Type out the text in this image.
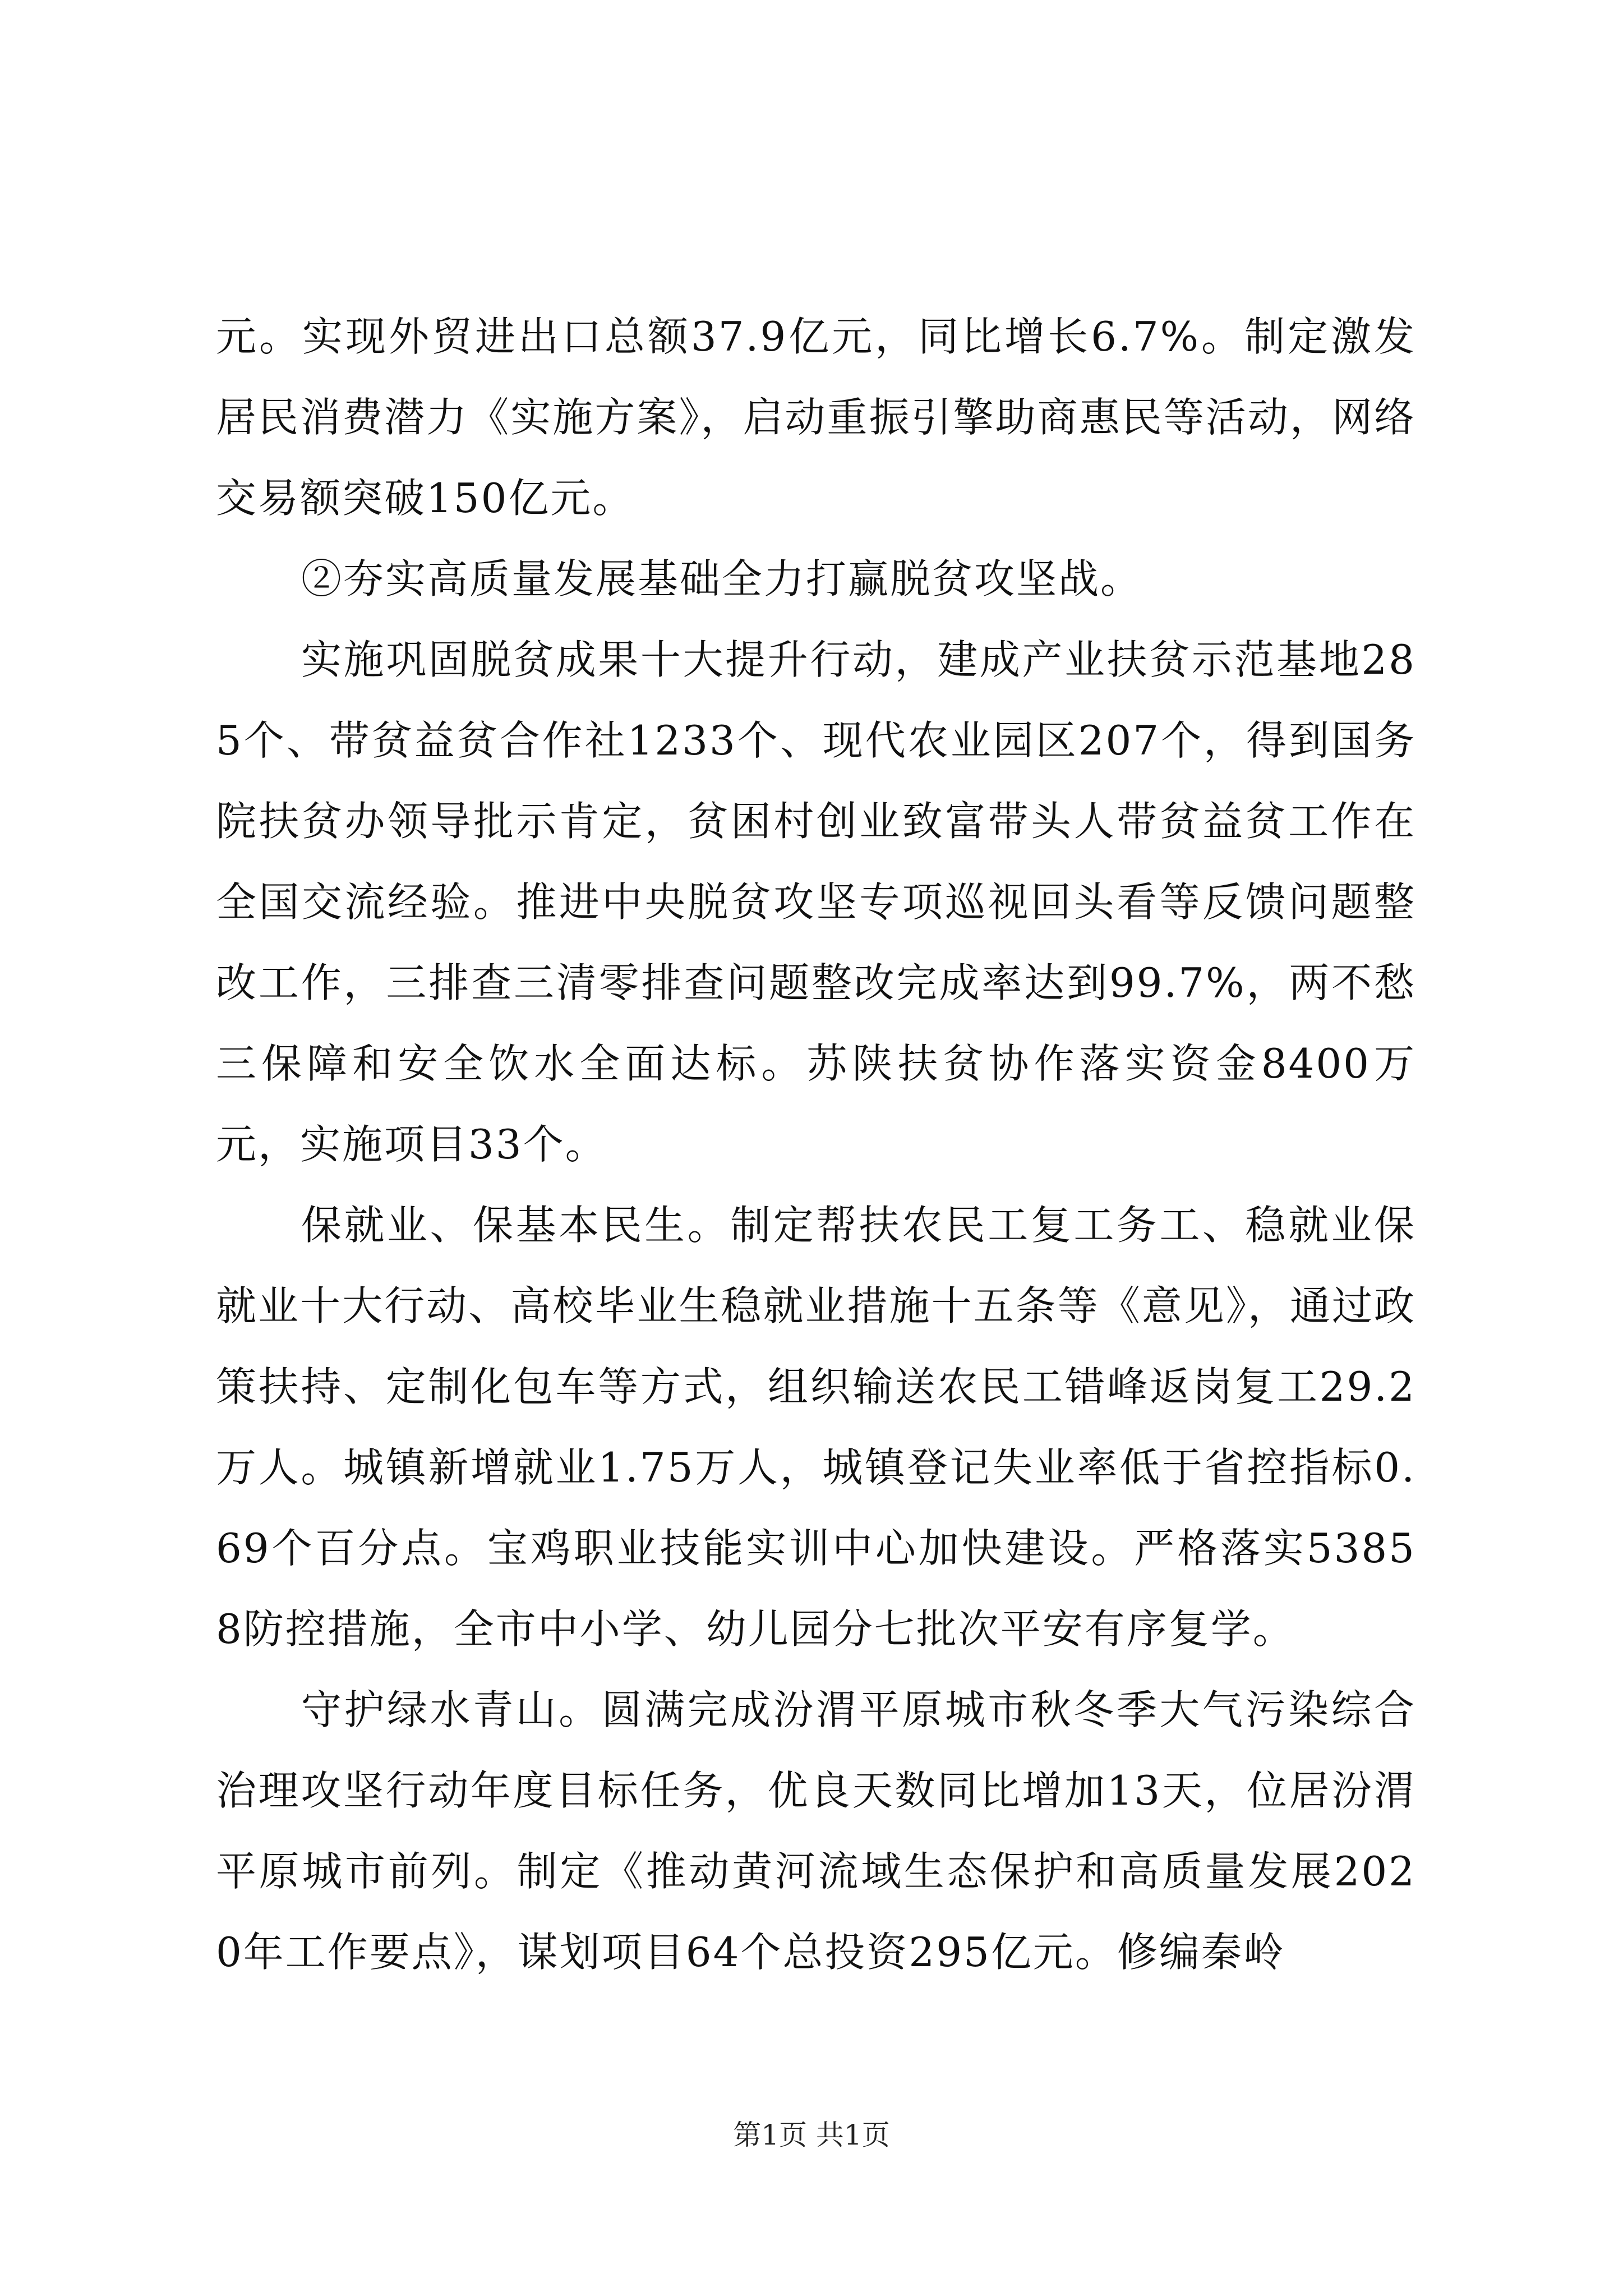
元。实现外贸进出口总额37.9亿元，同比增长6.7%。制定激发居民消费潜力《实施方案》，启动重振引擎助商惠民等活动，网络交易额突破150亿元。

②夯实高质量发展基础全力打赢脱贫攻坚战。

实施巩固脱贫成果十大提升行动，建成产业扶贫示范基地285个、带贫益贫合作社1233个、现代农业园区207个，得到国务院扶贫办领导批示肯定，贫困村创业致富带头人带贫益贫工作在全国交流经验。推进中央脱贫攻坚专项巡视回头看等反馈问题整改工作，三排查三清零排查问题整改完成率达到99.7%，两不愁三保障和安全饮水全面达标。苏陕扶贫协作落实资金8400万元，实施项目33个。

保就业、保基本民生。制定帮扶农民工复工务工、稳就业保就业十大行动、高校毕业生稳就业措施十五条等《意见》，通过政策扶持、定制化包车等方式，组织输送农民工错峰返岗复工29.2万人。城镇新增就业1.75万人，城镇登记失业率低于省控指标0.69个百分点。宝鸡职业技能实训中心加快建设。严格落实53858防控措施，全市中小学、幼儿园分七批次平安有序复学。

守护绿水青山。圆满完成汾渭平原城市秋冬季大气污染综合治理攻坚行动年度目标任务，优良天数同比增加13天，位居汾渭平原城市前列。制定《推动黄河流域生态保护和高质量发展2020年工作要点》，谋划项目64个总投资295亿元。修编秦岭

第1页 共1页
